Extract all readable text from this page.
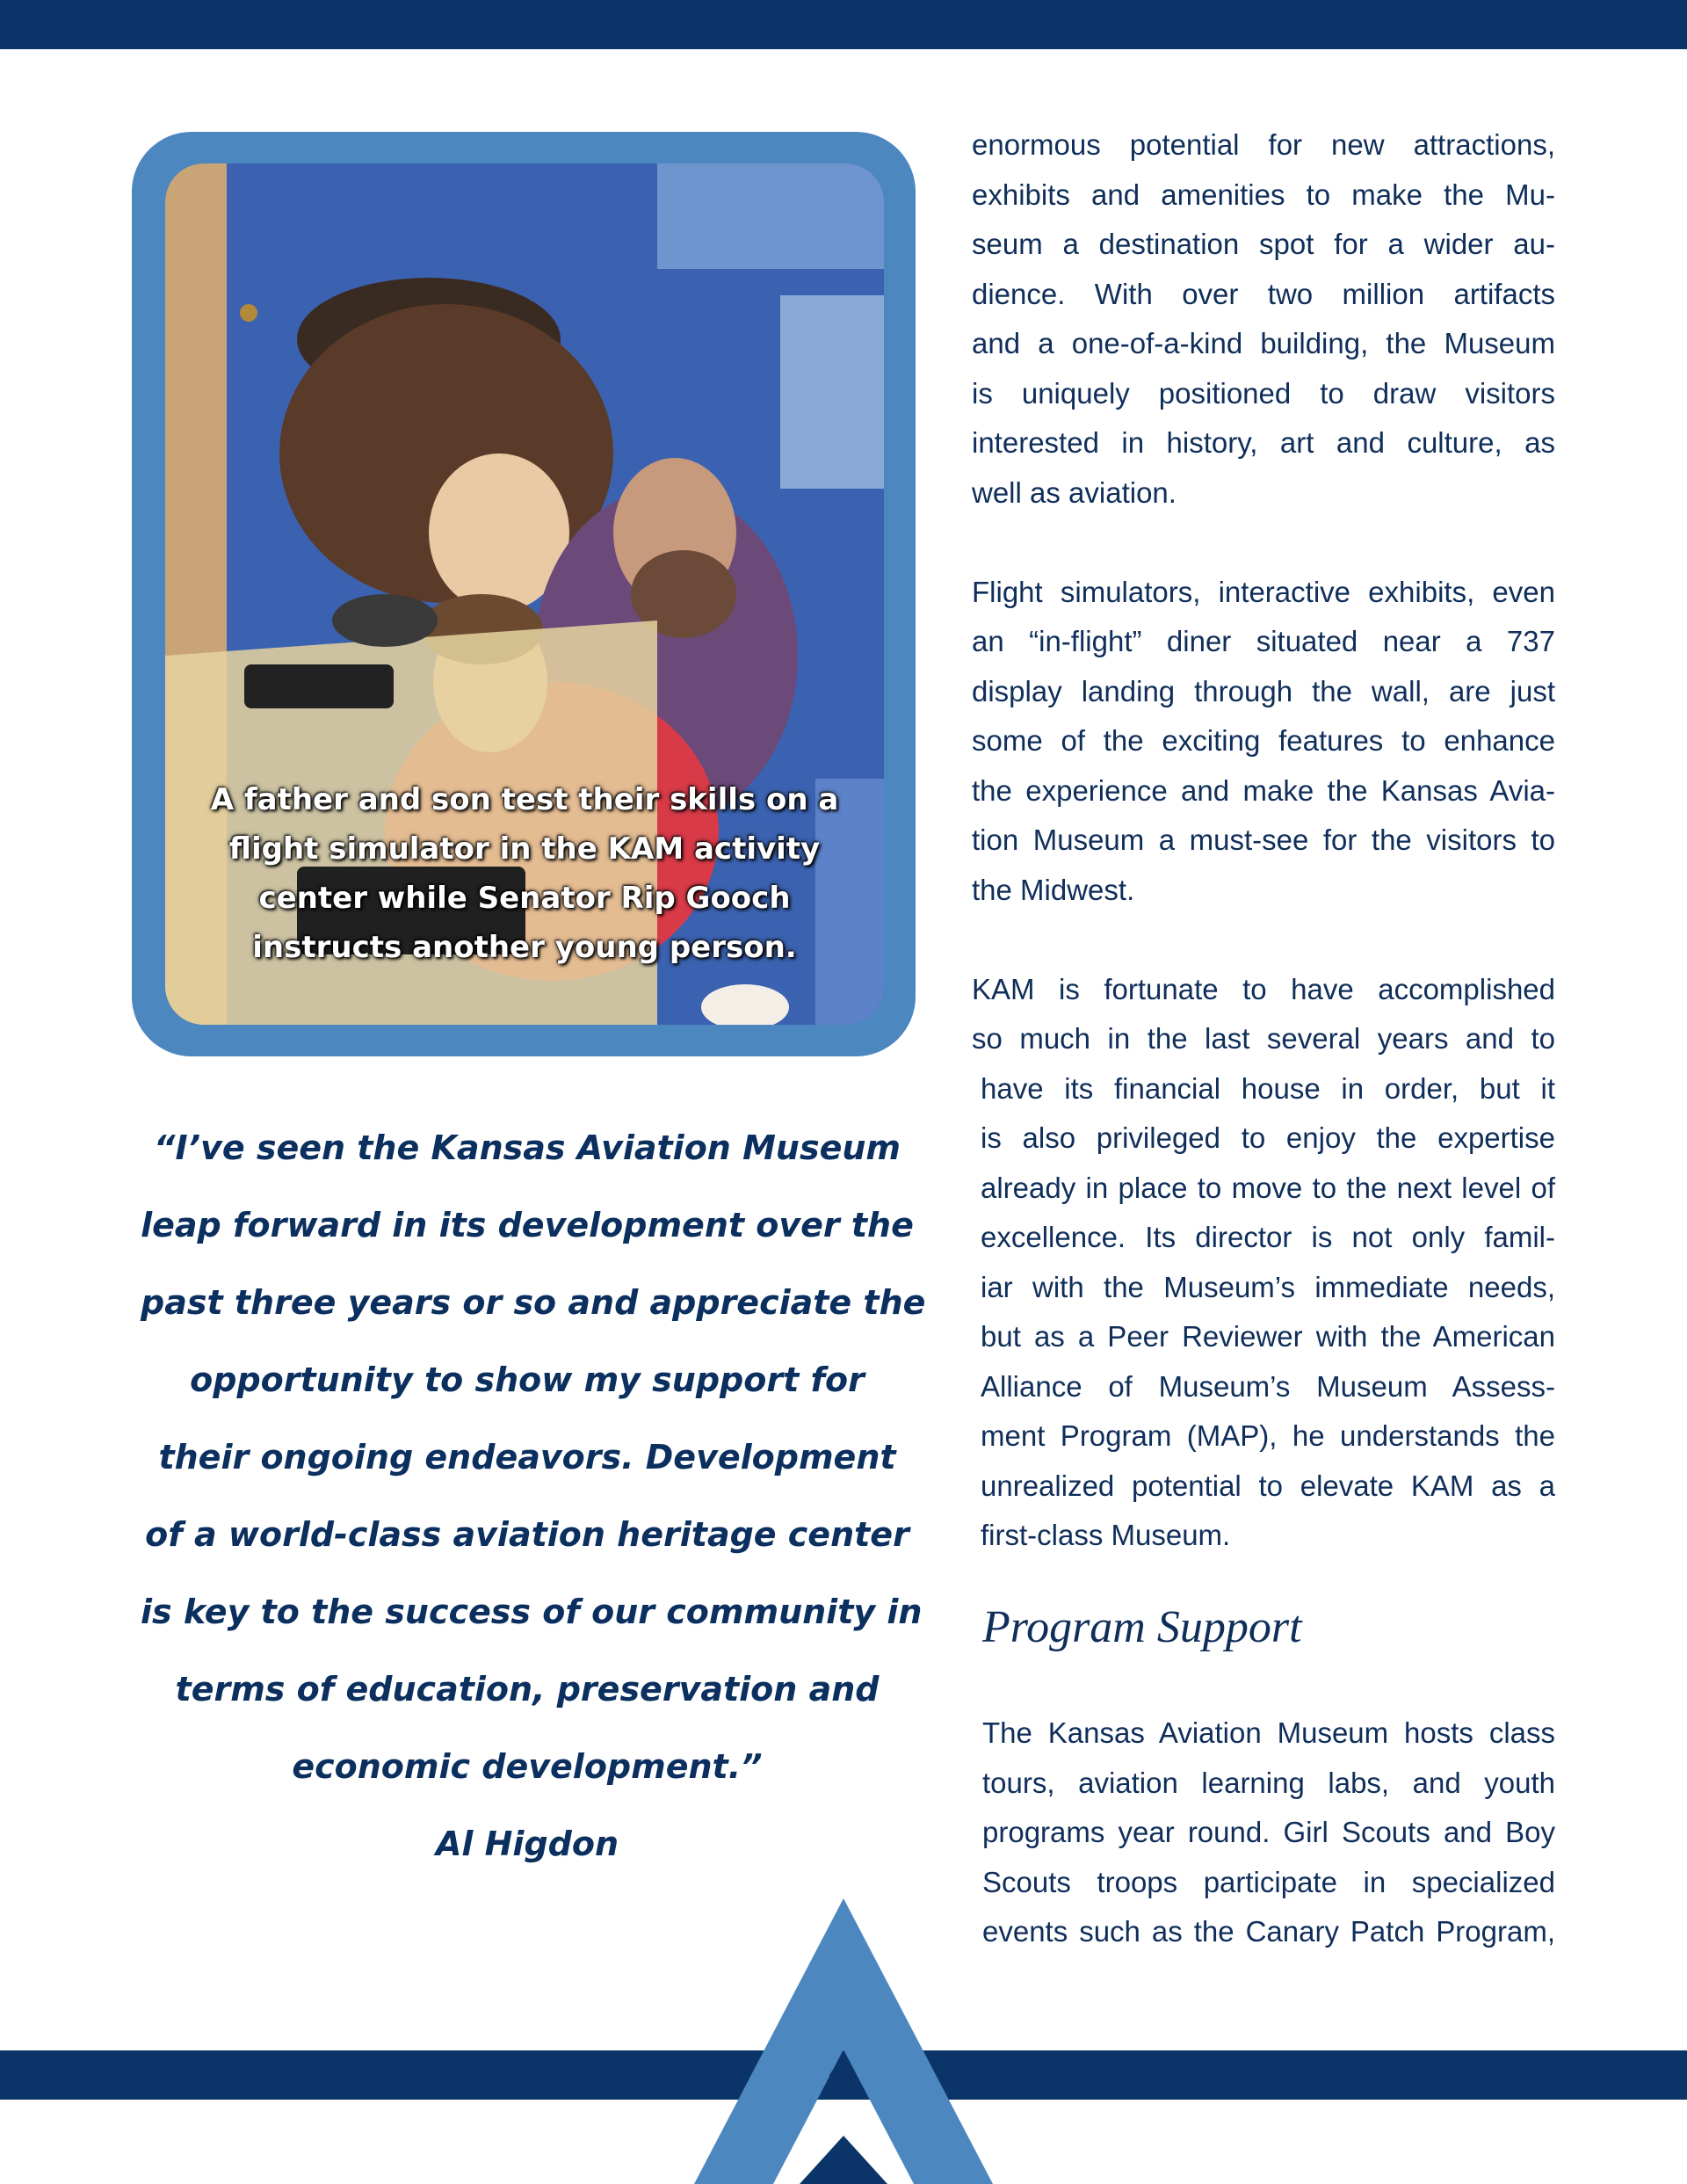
A father and son test their skills on a
flight simulator in the KAM activity
center while Senator Rip Gooch
instructs another young person.
“I’ve seen the Kansas Aviation Museum
leap forward in its development over the
past three years or so and appreciate the
opportunity to show my support for
their ongoing endeavors. Development
of a world-class aviation heritage center
is key to the success of our community in
terms of education, preservation and
economic development.”
Al Higdon
enormous potential for new attractions,
exhibits and amenities to make the Mu-
seum a destination spot for a wider au-
dience. With over two million artifacts
and a one-of-a-kind building, the Museum
is uniquely positioned to draw visitors
interested in history, art and culture, as
well as aviation.
Flight simulators, interactive exhibits, even
an “in-flight” diner situated near a 737
display landing through the wall, are just
some of the exciting features to enhance
the experience and make the Kansas Avia-
tion Museum a must-see for the visitors to
the Midwest.
KAM is fortunate to have accomplished
so much in the last several years and to
have its financial house in order, but it
is also privileged to enjoy the expertise
already in place to move to the next level of
excellence. Its director is not only famil-
iar with the Museum’s immediate needs,
but as a Peer Reviewer with the American
Alliance of Museum’s Museum Assess-
ment Program (MAP), he understands the
unrealized potential to elevate KAM as a
first-class Museum.
Program Support
The Kansas Aviation Museum hosts class
tours, aviation learning labs, and youth
programs year round. Girl Scouts and Boy
Scouts troops participate in specialized
events such as the Canary Patch Program,
4
